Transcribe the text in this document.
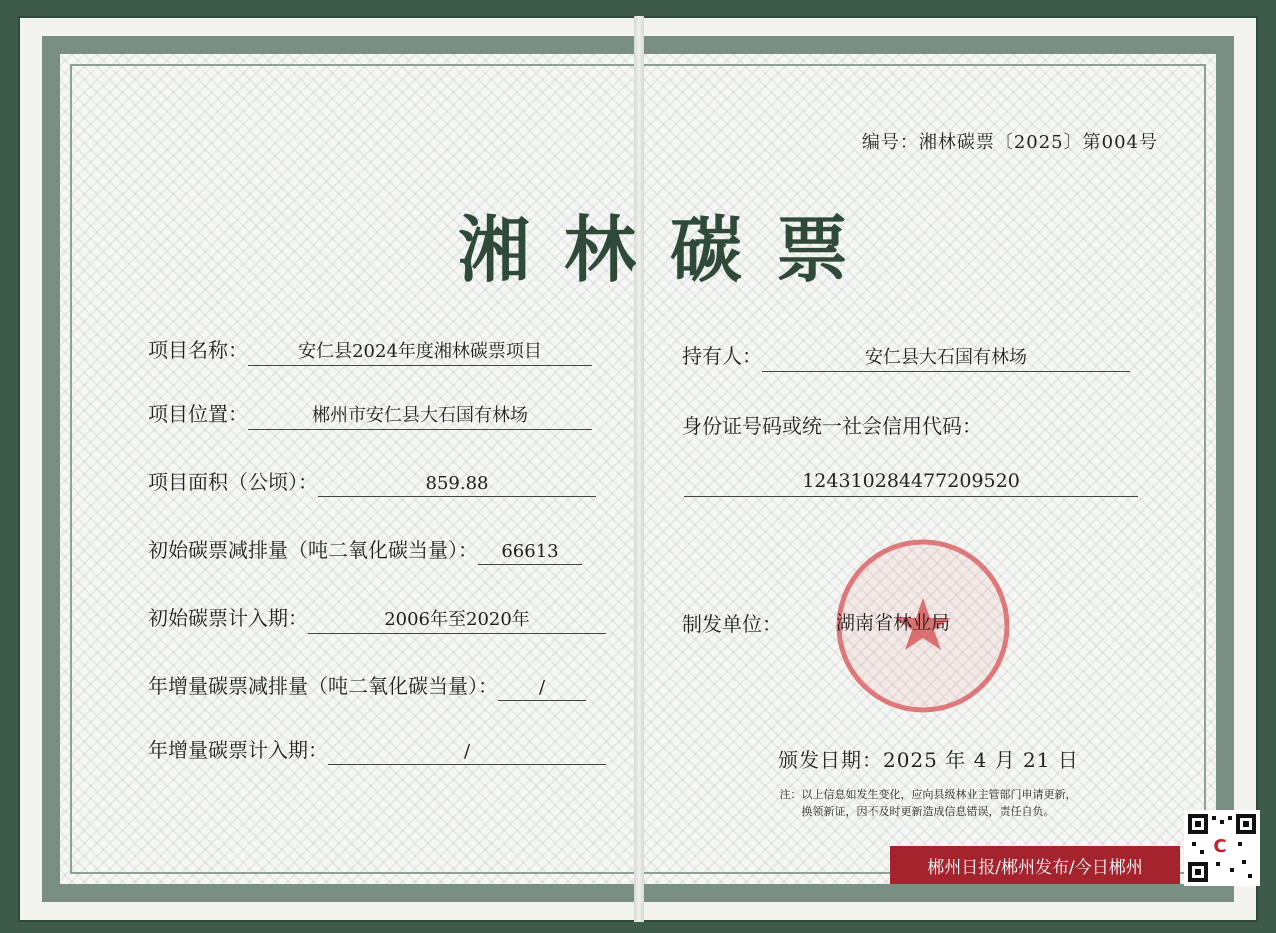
编号：湘林碳票〔2025〕第004号
湘林碳票
项目名称：	安仁县2024年度湘林碳票项目
项目位置：	郴州市安仁县大石国有林场
项目面积（公顷）：	859.88
初始碳票减排量（吨二氧化碳当量）： 66613
初始碳票计入期：	2006年至2020年
年增量碳票减排量（吨二氧化碳当量）： /
年增量碳票计入期：	/
持有人：	安仁县大石国有林场
身份证号码或统一社会信用代码：
124310284477209520
制发单位：	湖南省林业局
颁发日期：2025 年 4 月 21 日
注：以上信息如发生变化，应向县级林业主管部门申请更新，
换领新证，因不及时更新造成信息错误，责任自负。
郴州日报/郴州发布/今日郴州
C
